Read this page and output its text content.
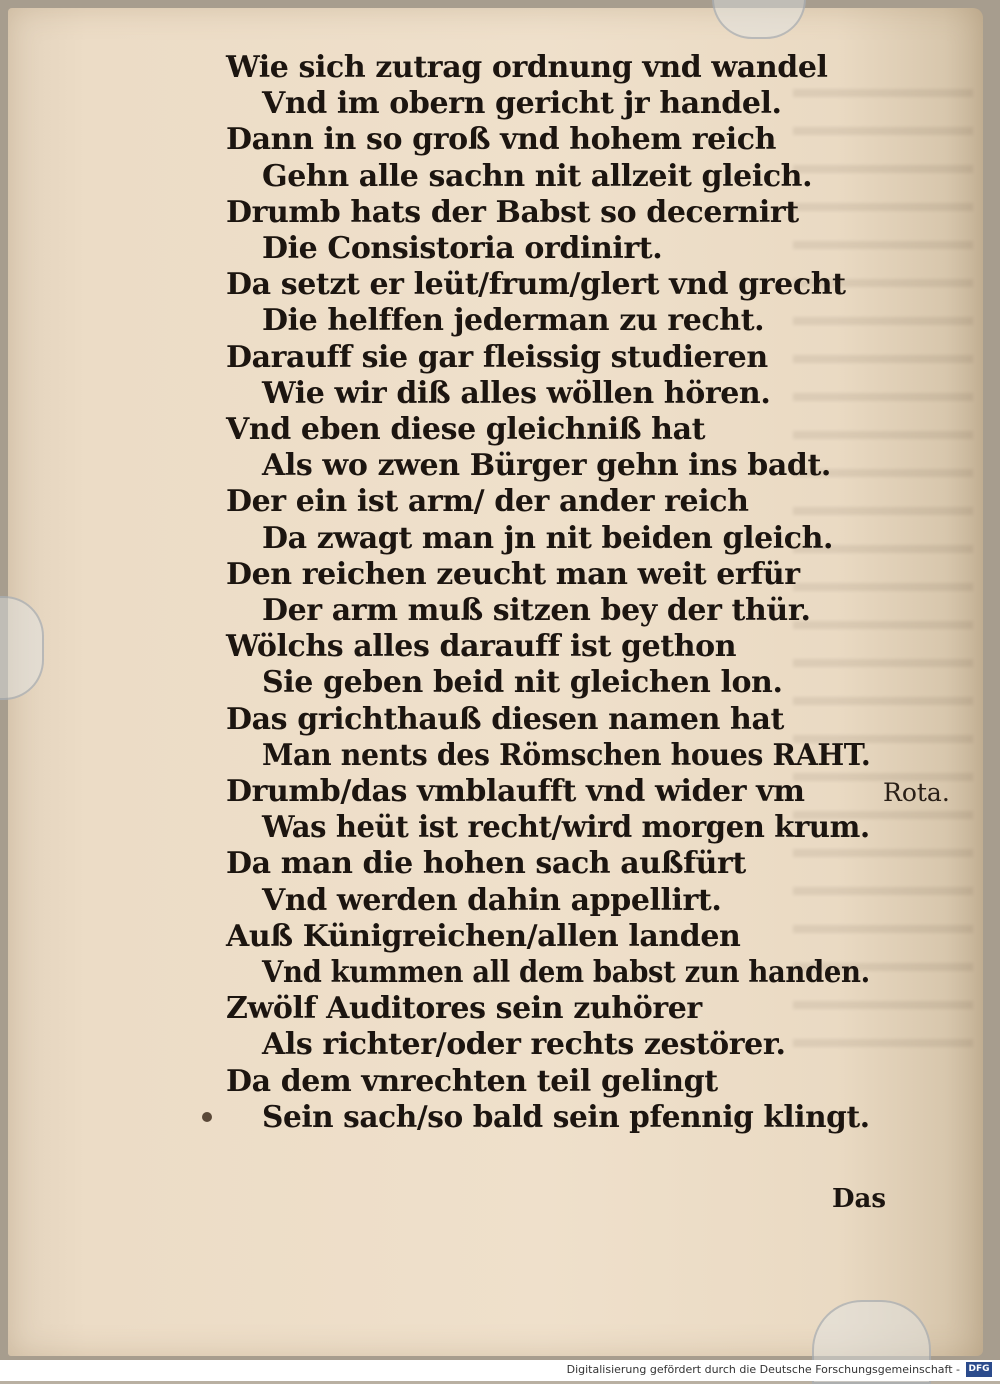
Wie sich zutrag ordnung vnd wandel
Vnd im obern gericht jr handel.
Dann in so groß vnd hohem reich
Gehn alle sachn nit allzeit gleich.
Drumb hats der Babst so decernirt
Die Consistoria ordinirt.
Da setzt er leüt/frum/glert vnd grecht
Die helffen jederman zu recht.
Darauff sie gar fleissig studieren
Wie wir diß alles wöllen hören.
Vnd eben diese gleichniß hat
Als wo zwen Bürger gehn ins badt.
Der ein ist arm/ der ander reich
Da zwagt man jn nit beiden gleich.
Den reichen zeucht man weit erfür
Der arm muß sitzen bey der thür.
Wölchs alles darauff ist gethon
Sie geben beid nit gleichen lon.
Das grichthauß diesen namen hat
Man nents des Römschen houes RAHT.
Drumb/das vmblaufft vnd wider vm
Was heüt ist recht/wird morgen krum.
Da man die hohen sach außfürt
Vnd werden dahin appellirt.
Auß Künigreichen/allen landen
Vnd kummen all dem babst zun handen.
Zwölf Auditores sein zuhörer
Als richter/oder rechts zestörer.
Da dem vnrechten teil gelingt
Sein sach/so bald sein pfennig klingt.
Rota.
Das
Digitalisierung gefördert durch die Deutsche Forschungsgemeinschaft - DFG
